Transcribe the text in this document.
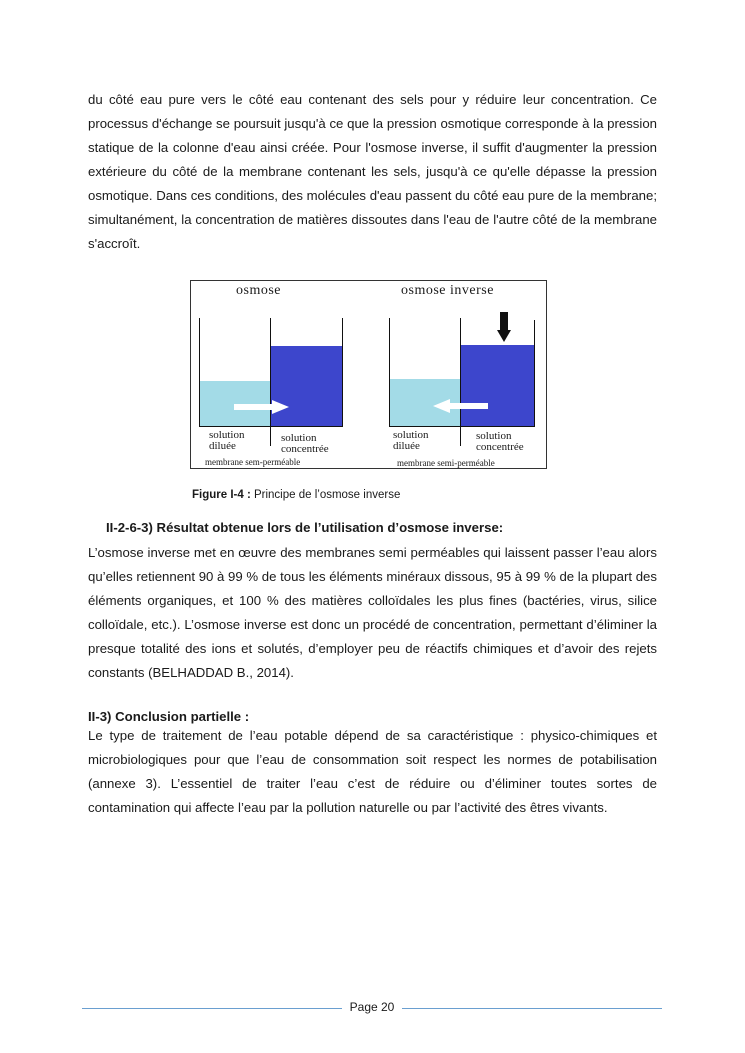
du côté eau pure vers le côté eau contenant des sels pour y réduire leur concentration. Ce processus d'échange se poursuit jusqu'à ce que la pression osmotique corresponde à la pression statique de la colonne d'eau ainsi créée. Pour l'osmose inverse, il suffit d'augmenter la pression extérieure du côté de la membrane contenant les sels, jusqu'à ce qu'elle dépasse la pression osmotique. Dans ces conditions, des molécules d'eau passent du côté eau pure de la membrane; simultanément, la concentration de matières dissoutes dans l'eau de l'autre côté de la membrane s'accroît.

osmose	osmose inverse
solution
diluée
solution
concentrée
membrane sem-perméable
solution
diluée
solution
concentrée
membrane semi-perméable
Figure I-4 : Principe de l’osmose inverse
II-2-6-3) Résultat obtenue lors de l’utilisation d’osmose inverse:

L’osmose inverse met en œuvre des membranes semi perméables qui laissent passer l’eau alors qu’elles retiennent 90 à 99 % de tous les éléments minéraux dissous, 95 à 99 % de la plupart des éléments organiques, et 100 % des matières colloïdales les plus fines (bactéries, virus, silice colloïdale, etc.). L’osmose inverse est donc un procédé de concentration, permettant d’éliminer la presque totalité des ions et solutés, d’employer peu de réactifs chimiques et d’avoir des rejets constants (BELHADDAD B., 2014).

II-3) Conclusion partielle :

Le type de traitement de l’eau potable dépend de sa caractéristique : physico-chimiques et microbiologiques pour que l’eau de consommation soit respect les normes de potabilisation (annexe 3). L’essentiel de traiter l’eau c’est de réduire ou d’éliminer toutes sortes de contamination qui affecte l’eau par la pollution naturelle ou par l’activité des êtres vivants.

Page 20
